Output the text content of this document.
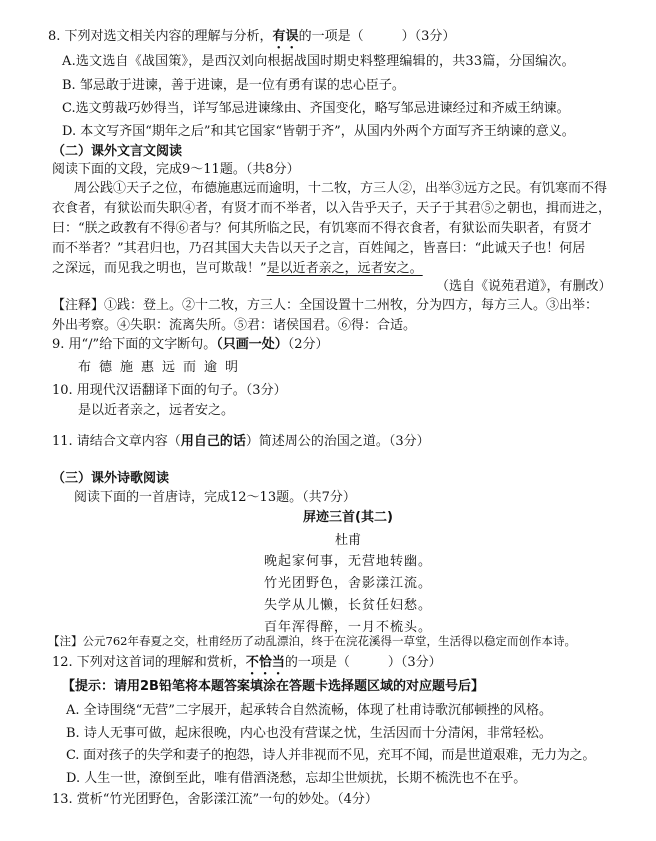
8. 下列对选文相关内容的理解与分析，有误的一项是（	）（3分）
A.选文选自《战国策》，是西汉刘向根据战国时期史料整理编辑的，共33篇，分国编次。
B. 邹忌敢于进谏，善于进谏，是一位有勇有谋的忠心臣子。
C.选文剪裁巧妙得当，详写邹忌进谏缘由、齐国变化，略写邹忌进谏经过和齐威王纳谏。
D. 本文写齐国“期年之后”和其它国家“皆朝于齐”，从国内外两个方面写齐王纳谏的意义。
（二）课外文言文阅读
阅读下面的文段，完成9～11题。（共8分）
周公践①天子之位，布德施惠远而逾明，十二牧，方三人②，出举③远方之民。有饥寒而不得
衣食者，有狱讼而失职④者，有贤才而不举者，以入告乎天子，天子于其君⑤之朝也，揖而进之，
曰：“朕之政教有不得⑥者与？何其所临之民，有饥寒而不得衣食者，有狱讼而失职者，有贤才
而不举者？”其君归也，乃召其国大夫告以天子之言，百姓闻之，皆喜曰：“此诚天子也！何居
之深远，而见我之明也，岂可欺哉！”是以近者亲之，远者安之。
（选自《说苑君道》，有删改）
【注释】①践：登上。②十二牧，方三人：全国设置十二州牧，分为四方，每方三人。③出举：
外出考察。④失职：流离失所。⑤君：诸侯国君。⑥得：合适。
9. 用“/”给下面的文字断句。（只画一处）（2分）
布德施惠远而逾明
10. 用现代汉语翻译下面的句子。（3分）
是以近者亲之，远者安之。
11. 请结合文章内容（用自己的话）简述周公的治国之道。（3分）
（三）课外诗歌阅读
阅读下面的一首唐诗，完成12～13题。（共7分）
屏迹三首(其二)
杜甫
晚起家何事，无营地转幽。
竹光团野色，舍影漾江流。
失学从儿懒，长贫任妇愁。
百年浑得醉，一月不梳头。
【注】公元762年春夏之交，杜甫经历了动乱漂泊，终于在浣花溪得一草堂，生活得以稳定而创作本诗。
12. 下列对这首词的理解和赏析，不恰当的一项是（	）（3分）
【提示：请用2B铅笔将本题答案填涂在答题卡选择题区域的对应题号后】
A. 全诗围绕“无营”二字展开，起承转合自然流畅，体现了杜甫诗歌沉郁顿挫的风格。
B. 诗人无事可做，起床很晚，内心也没有营谋之忧，生活因而十分清闲，非常轻松。
C. 面对孩子的失学和妻子的抱怨，诗人并非视而不见，充耳不闻，而是世道艰难，无力为之。
D. 人生一世，潦倒至此，唯有借酒浇愁，忘却尘世烦扰，长期不梳洗也不在乎。
13. 赏析“竹光团野色，舍影漾江流”一句的妙处。（4分）
